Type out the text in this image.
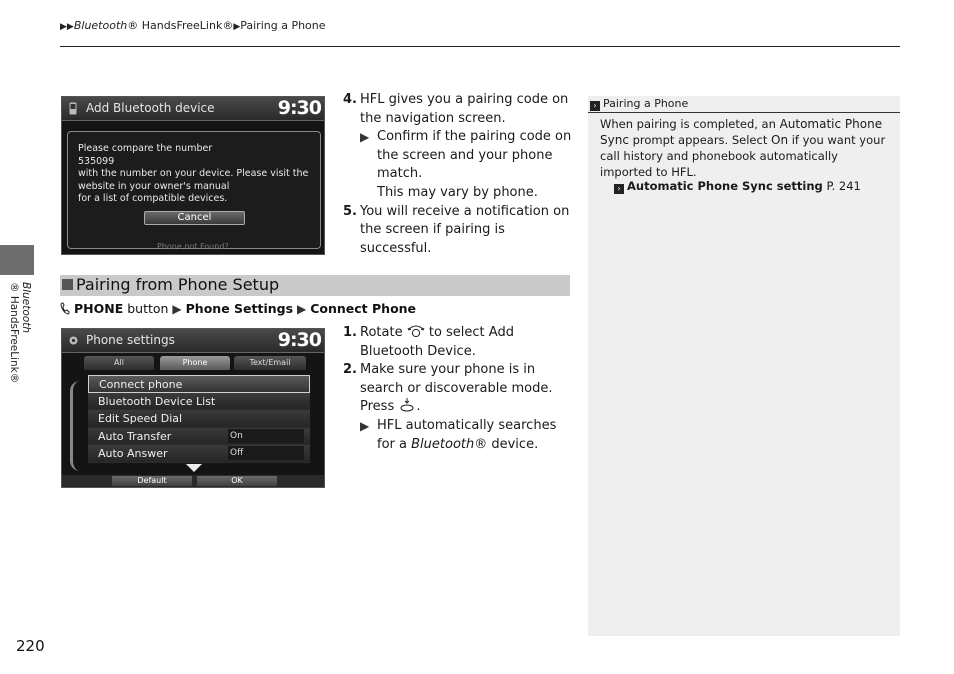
▶▶Bluetooth® HandsFreeLink®▶Pairing a Phone
Bluetooth
® HandsFreeLink®
Add Bluetooth device	9:30
Please compare the number
535099
with the number on your device. Please visit the
website in your owner's manual
for a list of compatible devices.
Cancel
Phone not Found?
4. HFL gives you a pairing code on the navigation screen.
▶ Confirm if the pairing code on the screen and your phone match.
This may vary by phone.
5. You will receive a notification on the screen if pairing is successful.
Pairing from Phone Setup
PHONE button ▶ Phone Settings ▶ Connect Phone
Phone settings	9:30
All	Phone	Text/Email
Connect phone
Bluetooth Device List
Edit Speed Dial
Auto Transfer	On
Auto Answer	Off
Default	OK
1. Rotate to select Add Bluetooth Device.
2. Make sure your phone is in search or discoverable mode. Press .
▶ HFL automatically searches for a Bluetooth® device.
› Pairing a Phone
When pairing is completed, an Automatic Phone Sync prompt appears. Select On if you want your call history and phonebook automatically imported to HFL.
› Automatic Phone Sync setting P. 241
220
